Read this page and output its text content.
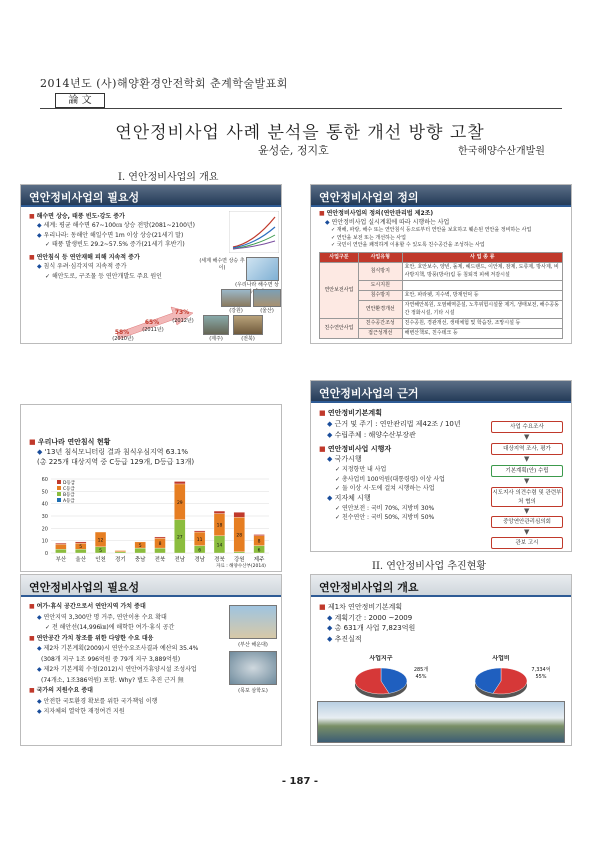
2014년도 (사)해양환경안전학회 춘계학술발표회
論 文
연안정비사업 사례 분석을 통한 개선 방향 고찰
윤성순, 정지호	한국해양수산개발원
I. 연안정비사업의 개요
연안정비사업의 필요성
■ 해수면 상승, 태풍 빈도·강도 증가
◆ 세계: 평균 해수면 67~100㎝ 상승 전망(2081~2100년)
◆ 우리나라: 동해안 해일수면 1m 이상 상승(21세기 말)
✓ 태풍 발생빈도 29.2~57.5% 증가(21세기 후반기)
■ 연안침식 등 연안재해 피해 지속적 증가
◆ 침식 우려·심각지역 지속적 증가
✓ 해안도로, 구조물 등 연안개발도 주요 원인
(세계 해수면 상승 추이)
(우리나라 해수면 상
73%
(2012년)
65%
(2011년)
58%
(2010년)
(강원)	(울산)
(제주)	(전북)
연안정비사업의 정의
■ 연안정비사업의 정의(연안관리법 제2조)
◆ 연안정비사업 실시계획에 따라 시행하는 사업
✓ 재해, 파랑, 해수 또는 연안침식 등으로부터 연안을 보호하고 훼손된 연안을 정비하는 사업
✓ 연안을 보전 또는 개선하는 사업
✓ 국민이 연안을 쾌적하게 이용할 수 있도록 친수공간을 조성하는 사업
사업구분	사업유형	사 업 종 류
연안보전사업	침식방지	호안, 호안보수, 양빈, 돌제, 헤드랜드, 이안제, 잠제, 도류제, 방사제, 비사방지책, 방풍(방사)림 등 침퇴적 피해 저감시설
	도시지원	
	침수방지	호안, 파라펫, 지수벽, 방재언덕 등
	연안환경개선	자연해안복원, 오염해역준설, 노후위험시설물 제거, 생태보전, 해수공동간 정화시설, 기타 시설
친수연안사업	친수공간조성	친수공원, 경관개선, 생태체험 및 학습장, 조망시설 등
	접근성개선	해변산책로, 친수테크 등
■ 우리나라 연안침식 현황
◆ '13년 침식모니터링 결과 침식우심지역 63.1%
(총 225개 대상지역 중 C등급 129개, D등급 13개)
0
10
20
30
40
50
60
부산
5
울산
5
12
인천 경기
5
충남
8
전북
27
29
전남
6
11
경남
14
18
경북
28
강원
6
8
제주
D등급
C등급
B등급
A등급
자료 : 해양수산부(2014)
연안정비사업의 근거
■ 연안정비기본계획
◆ 근거 및 주기 : 연안관리법 제42조 / 10년
◆ 수립주체 : 해양수산부장관
■ 연안정비사업 시행자
◆ 국가시행
✓ 지정항만 내 사업
✓ 총사업비 100억원(대통령령) 이상 사업
✓ 둘 이상 시·도에 걸쳐 시행하는 사업
◆ 지자체 시행
✓ 연안보전 : 국비 70%, 지방비 30%
✓ 친수연안 : 국비 50%, 지방비 50%
사업 수요조사
▼
대상지역 조사, 평가
▼
기본계획(안) 수립
▼
시도지사 의견수렴 및 관련부처 협의
▼
중앙연안관리심의회
▼
관보 고시
II. 연안정비사업 추진현황
연안정비사업의 필요성
■ 여가·휴식 공간으로서 연안지역 가치 증대
◆ 연안지역 3,300만 명 거주, 연안이용 수요 확대
✓ 전 해안선(14,996㎞)에 해학한 여가·휴식 공간
■ 연안공간 가치 창조를 위한 다양한 수요 대응
◆ 제2차 기본계획(2009)시 연안수요조사결과 예산의 35.4%
(308개 지구 1조 996억원 중 79개 지구 3,889억원)
◆ 제2차 기본계획 수정(2012)시 연안여가휴양시설 조성사업
(74개소, 1조386억원) 포함. Why? 별도 추진 근거 無
■ 국가의 지원수요 증대
◆ 안전한 국토환경 확보를 위한 국가책임 이행
◆ 지자체의 열악한 재정여건 지원
(부산 해운대)
(목포 삼학도)
연안정비사업의 개요
■ 제1차 연안정비기본계획
◆ 계획기간 : 2000 ~2009
◆ 총 631개 사업 7,823억원
◆ 추진실적
사업지구
285개
45%
사업비
7,334억
55%
- 187 -
